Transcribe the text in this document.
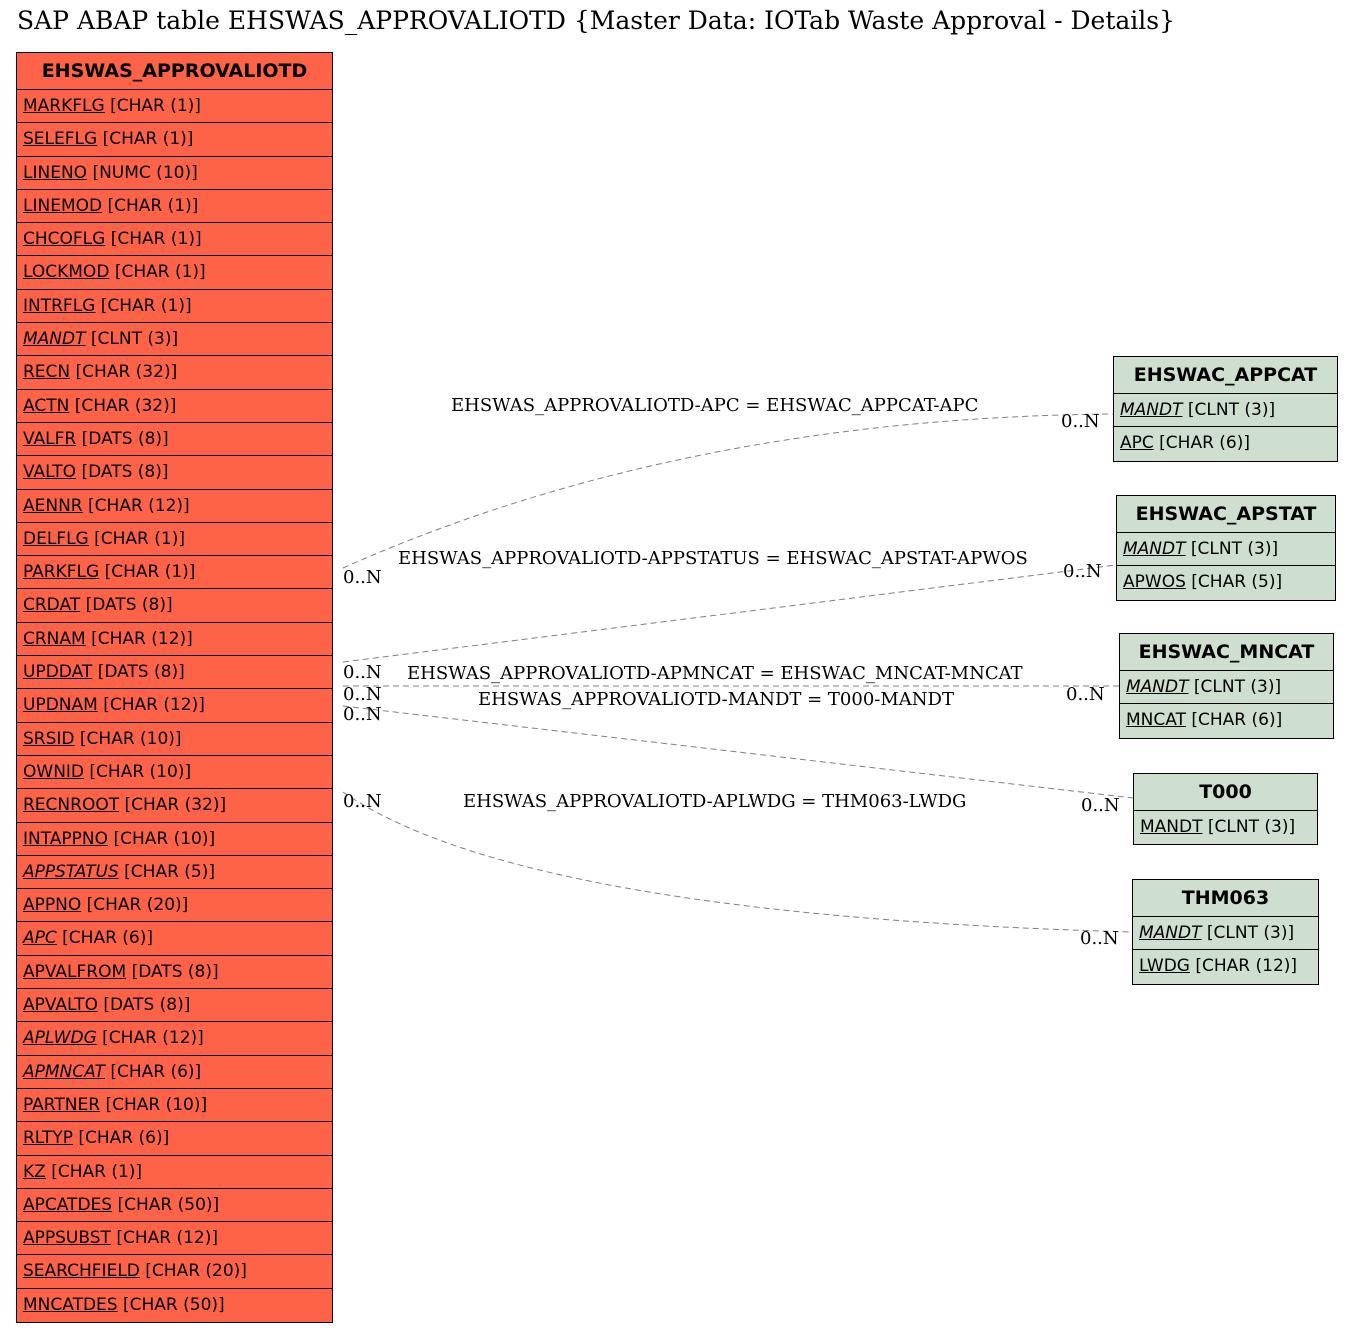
SAP ABAP table EHSWAS_APPROVALIOTD {Master Data: IOTab Waste Approval - Details}
EHSWAS_APPROVALIOTD
MARKFLG [CHAR (1)]
SELEFLG [CHAR (1)]
LINENO [NUMC (10)]
LINEMOD [CHAR (1)]
CHCOFLG [CHAR (1)]
LOCKMOD [CHAR (1)]
INTRFLG [CHAR (1)]
MANDT [CLNT (3)]
RECN [CHAR (32)]
ACTN [CHAR (32)]
VALFR [DATS (8)]
VALTO [DATS (8)]
AENNR [CHAR (12)]
DELFLG [CHAR (1)]
PARKFLG [CHAR (1)]
CRDAT [DATS (8)]
CRNAM [CHAR (12)]
UPDDAT [DATS (8)]
UPDNAM [CHAR (12)]
SRSID [CHAR (10)]
OWNID [CHAR (10)]
RECNROOT [CHAR (32)]
INTAPPNO [CHAR (10)]
APPSTATUS [CHAR (5)]
APPNO [CHAR (20)]
APC [CHAR (6)]
APVALFROM [DATS (8)]
APVALTO [DATS (8)]
APLWDG [CHAR (12)]
APMNCAT [CHAR (6)]
PARTNER [CHAR (10)]
RLTYP [CHAR (6)]
KZ [CHAR (1)]
APCATDES [CHAR (50)]
APPSUBST [CHAR (12)]
SEARCHFIELD [CHAR (20)]
MNCATDES [CHAR (50)]
EHSWAC_APPCAT
MANDT [CLNT (3)]
APC [CHAR (6)]
EHSWAC_APSTAT
MANDT [CLNT (3)]
APWOS [CHAR (5)]
EHSWAC_MNCAT
MANDT [CLNT (3)]
MNCAT [CHAR (6)]
T000
MANDT [CLNT (3)]
THM063
MANDT [CLNT (3)]
LWDG [CHAR (12)]
EHSWAS_APPROVALIOTD-APC = EHSWAC_APPCAT-APC
EHSWAS_APPROVALIOTD-APPSTATUS = EHSWAC_APSTAT-APWOS
EHSWAS_APPROVALIOTD-APMNCAT = EHSWAC_MNCAT-MNCAT
EHSWAS_APPROVALIOTD-MANDT = T000-MANDT
EHSWAS_APPROVALIOTD-APLWDG = THM063-LWDG
0..N
0..N
0..N
0..N
0..N	0..N
0..N
0..N
0..N
0..N
